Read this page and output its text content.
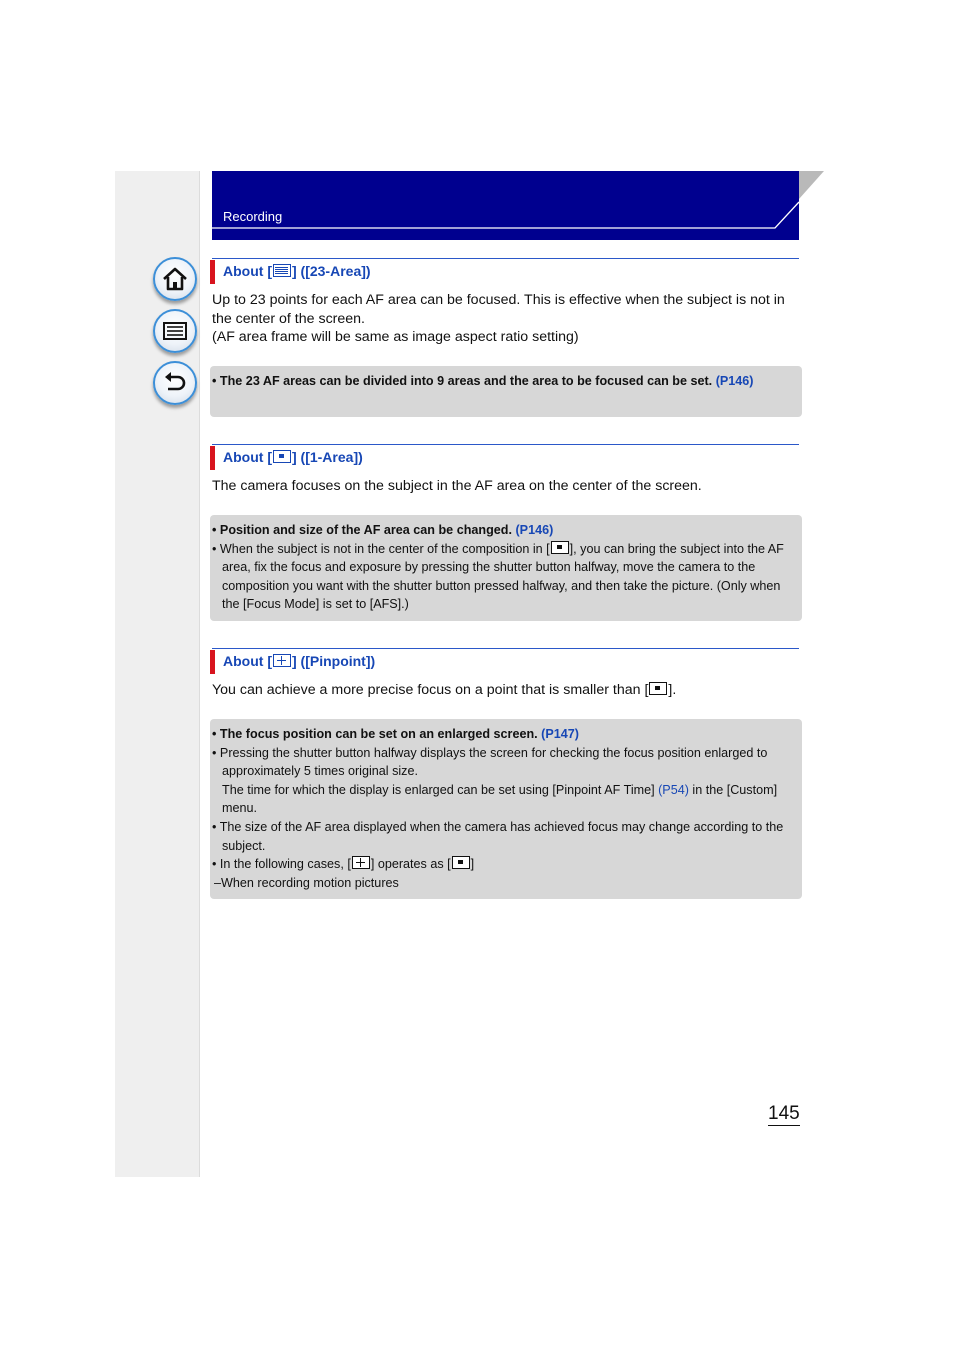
Recording
About [ ] ([23-Area])
Up to 23 points for each AF area can be focused. This is effective when the subject is not in the center of the screen.
(AF area frame will be same as image aspect ratio setting)

• The 23 AF areas can be divided into 9 areas and the area to be focused can be set. (P146)

About [ ] ([1-Area])
The camera focuses on the subject in the AF area on the center of the screen.

• Position and size of the AF area can be changed. (P146)

• When the subject is not in the center of the composition in [ ], you can bring the subject into the AF area, fix the focus and exposure by pressing the shutter button halfway, move the camera to the composition you want with the shutter button pressed halfway, and then take the picture. (Only when the [Focus Mode] is set to [AFS].)

About [ ] ([Pinpoint])
You can achieve a more precise focus on a point that is smaller than [ ].

• The focus position can be set on an enlarged screen. (P147)

• Pressing the shutter button halfway displays the screen for checking the focus position enlarged to approximately 5 times original size.
The time for which the display is enlarged can be set using [Pinpoint AF Time] (P54) in the [Custom] menu.

• The size of the AF area displayed when the camera has achieved focus may change according to the subject.

• In the following cases, [ ] operates as [ ]

–When recording motion pictures

145
